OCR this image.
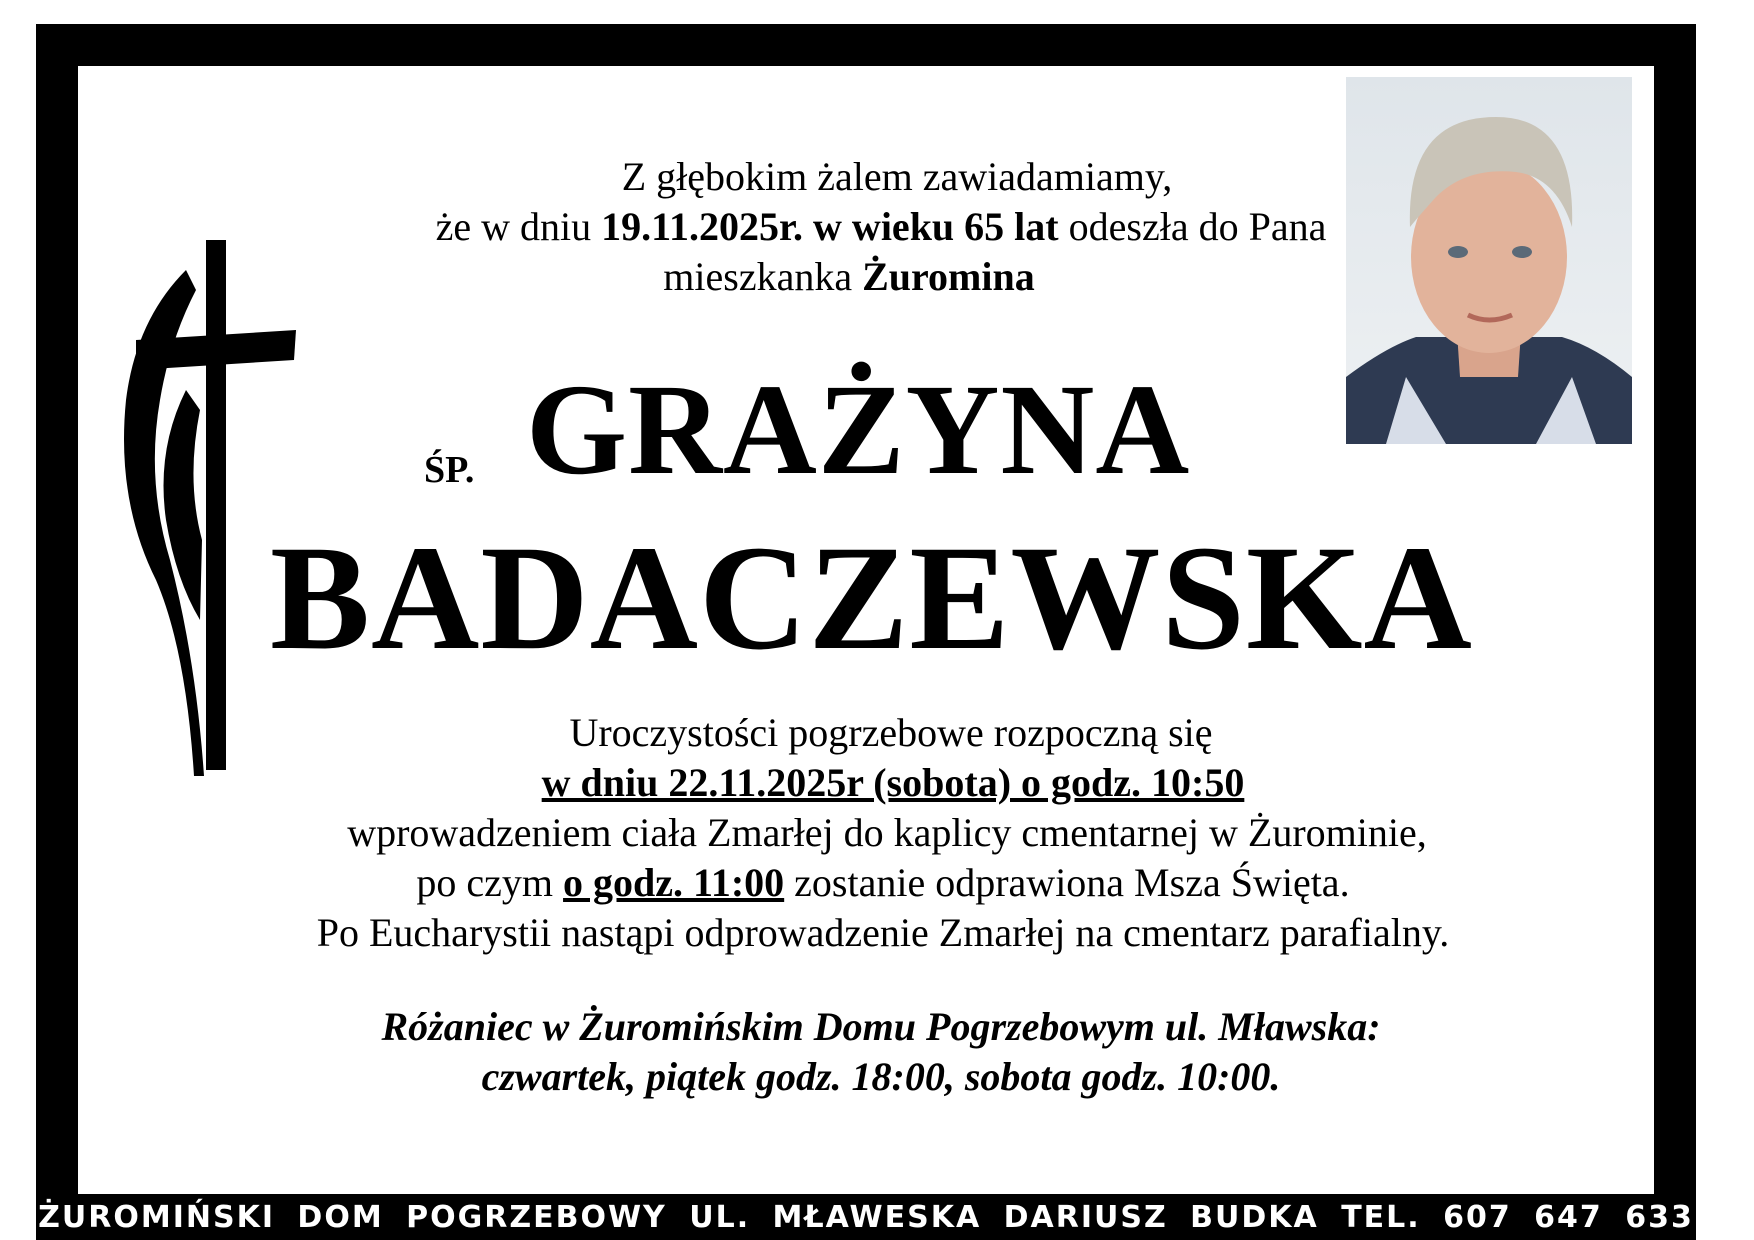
Z głębokim żalem zawiadamiamy,
że w dniu 19.11.2025r. w wieku 65 lat odeszła do Pana
mieszkanka Żuromina
ŚP. GRAŻYNA
BADACZEWSKA
Uroczystości pogrzebowe rozpoczną się
w dniu 22.11.2025r (sobota) o godz. 10:50
wprowadzeniem ciała Zmarłej do kaplicy cmentarnej w Żurominie,
po czym o godz. 11:00 zostanie odprawiona Msza Święta.
Po Eucharystii nastąpi odprowadzenie Zmarłej na cmentarz parafialny.
Różaniec w Żuromińskim Domu Pogrzebowym ul. Mławska:
czwartek, piątek godz. 18:00, sobota godz. 10:00.
ŻUROMIŃSKI DOM POGRZEBOWY UL. MŁAWESKA DARIUSZ BUDKA TEL. 607 647 633
